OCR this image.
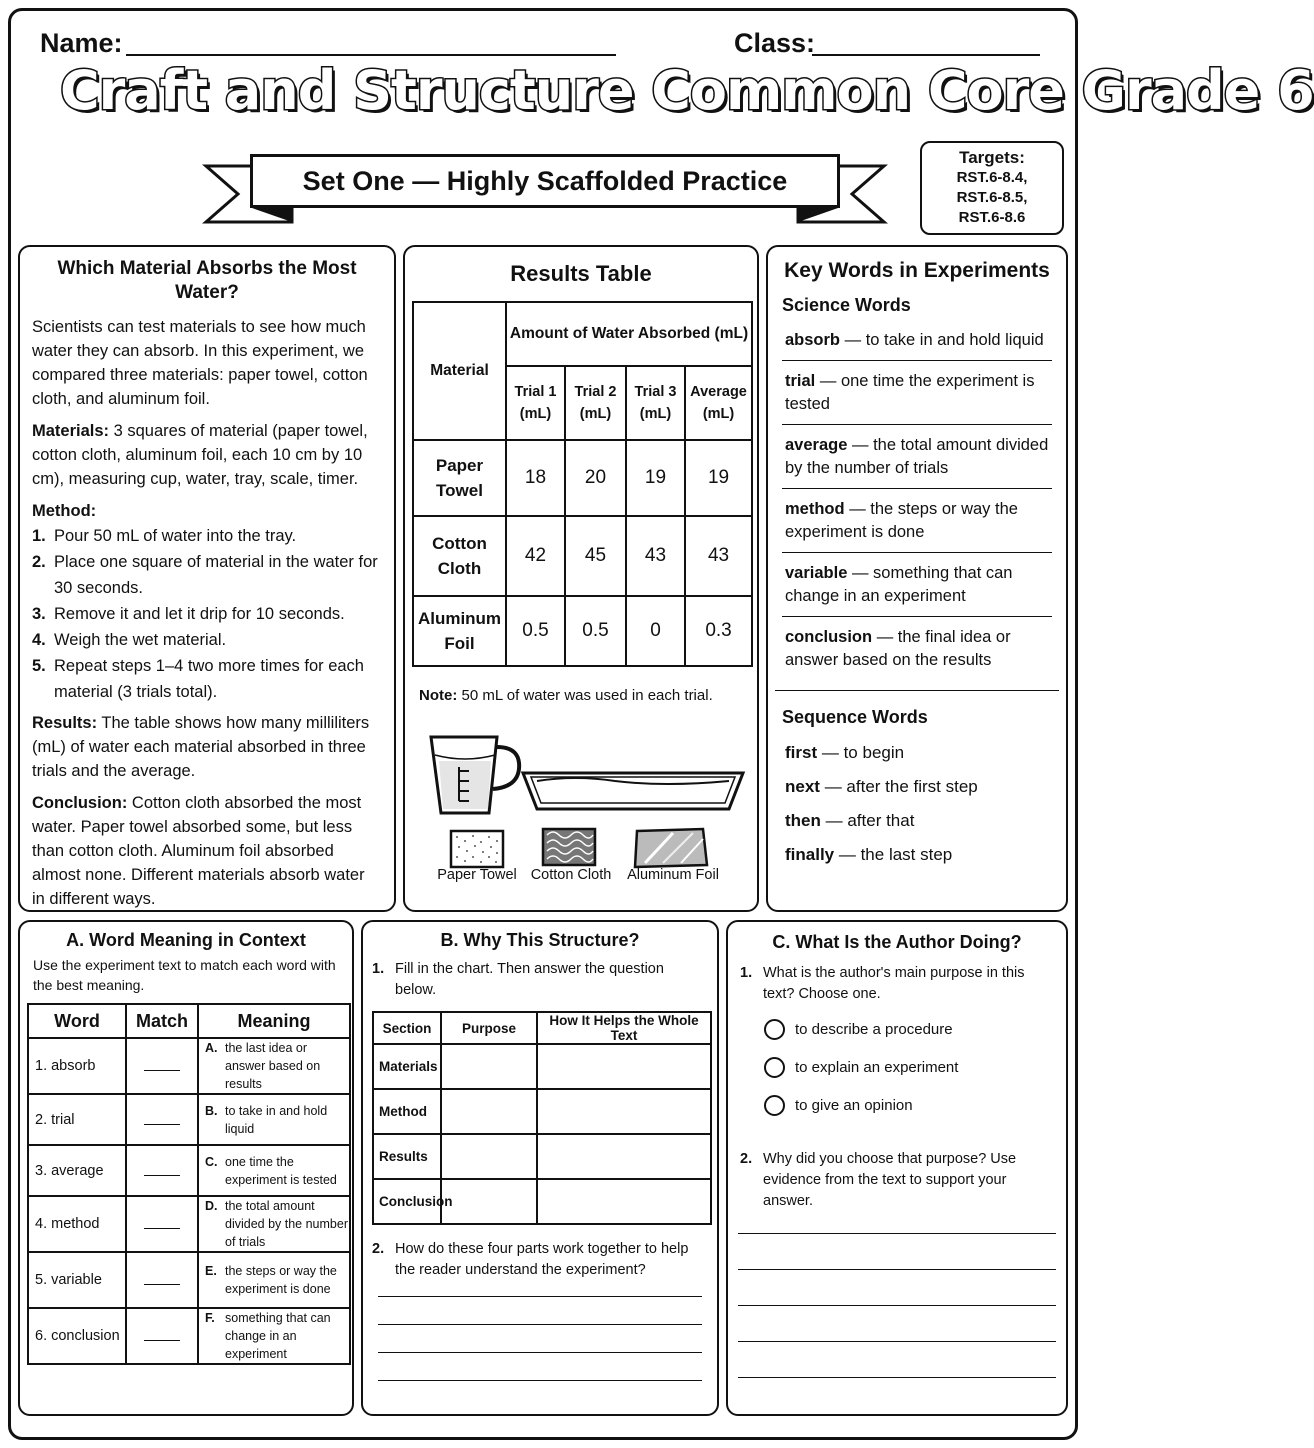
Name:	Class:
Craft and Structure Common Core Grade 6
Set One — Highly Scaffolded Practice
Targets:
RST.6-8.4,
RST.6-8.5,
RST.6-8.6
Which Material Absorbs the Most Water?

Scientists can test materials to see how much water they can absorb. In this experiment, we compared three materials: paper towel, cotton cloth, and aluminum foil.

Materials: 3 squares of material (paper towel, cotton cloth, aluminum foil, each 10 cm by 10 cm), measuring cup, water, tray, scale, timer.

Method:
1. Pour 50 mL of water into the tray.
2. Place one square of material in the water for 30 seconds.
3. Remove it and let it drip for 10 seconds.
4. Weigh the wet material.
5. Repeat steps 1–4 two more times for each material (3 trials total).

Results: The table shows how many milliliters (mL) of water each material absorbed in three trials and the average.

Conclusion: Cotton cloth absorbed the most water. Paper towel absorbed some, but less than cotton cloth. Aluminum foil absorbed almost none. Different materials absorb water in different ways.

Results Table
Material	Amount of Water Absorbed (mL)			
	Trial 1 (mL)	Trial 2 (mL)	Trial 3 (mL)	Average (mL)
Paper Towel	18	20	19	19
Cotton Cloth	42	45	43	43
Aluminum Foil	0.5	0.5	0	0.3
Note: 50 mL of water was used in each trial.
Paper Towel Cotton Cloth	Aluminum Foil
Key Words in Experiments
Science Words
absorb — to take in and hold liquid
trial — one time the experiment is tested
average — the total amount divided by the number of trials
method — the steps or way the experiment is done
variable — something that can change in an experiment
conclusion — the final idea or answer based on the results
Sequence Words
first — to begin
next — after the first step
then — after that
finally — the last step
A. Word Meaning in Context
Use the experiment text to match each word with the best meaning.
Word	Match	Meaning
1. absorb		A. the last idea or answer based on results

2. trial		B. to take in and hold liquid

3. average		C. one time the experiment is tested

4. method		D. the total amount divided by the number of trials

5. variable		E. the steps or way the experiment is done

6. conclusion		F. something that can change in an experiment
B. Why This Structure?
1. Fill in the chart. Then answer the question below.
Section	Purpose	How It Helps the Whole Text
Materials		
Method		
Results		
Conclusion		
2. How do these four parts work together to help the reader understand the experiment?
C. What Is the Author Doing?
1. What is the author's main purpose in this text? Choose one.
to describe a procedure
to explain an experiment
to give an opinion
2. Why did you choose that purpose? Use evidence from the text to support your answer.
